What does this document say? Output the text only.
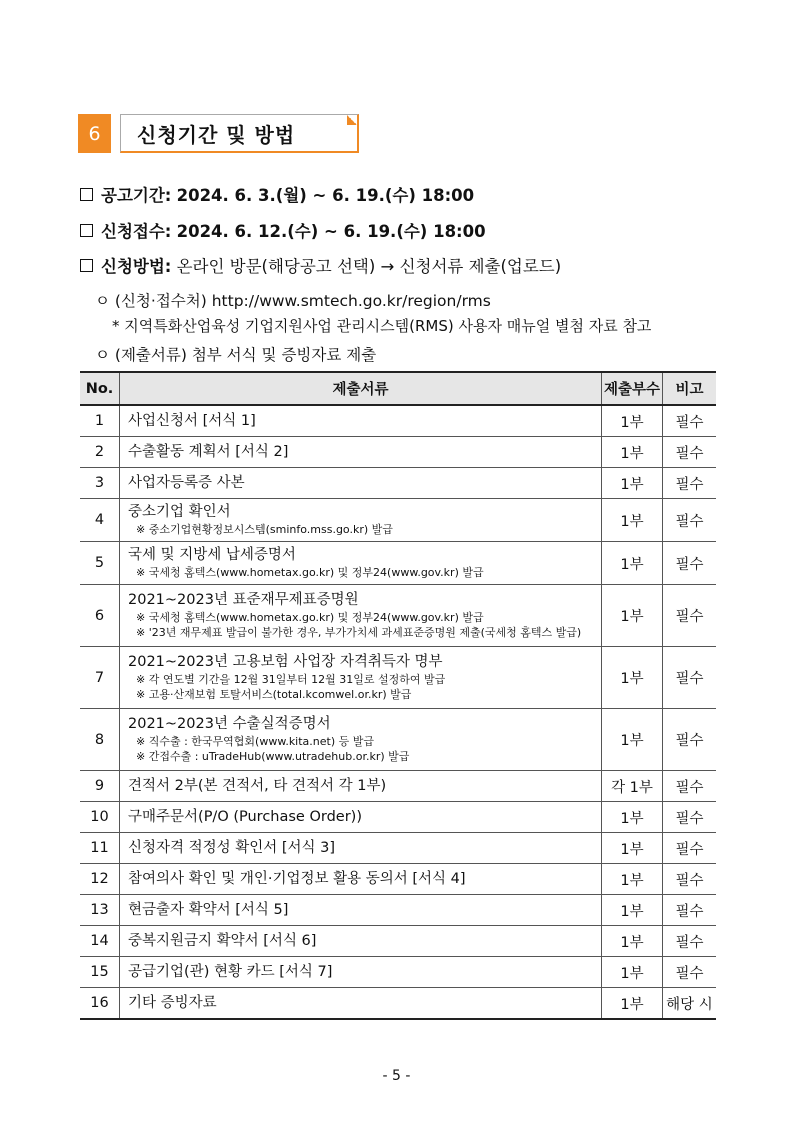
6	신청기간 및 방법
공고기간: 2024. 6. 3.(월) ~ 6. 19.(수) 18:00
신청접수: 2024. 6. 12.(수) ~ 6. 19.(수) 18:00
신청방법: 온라인 방문(해당공고 선택) → 신청서류 제출(업로드)
ㅇ (신청·접수처) http://www.smtech.go.kr/region/rms
* 지역특화산업육성 기업지원사업 관리시스템(RMS) 사용자 매뉴얼 별첨 자료 참고
ㅇ (제출서류) 첨부 서식 및 증빙자료 제출
No.	제출서류	제출부수	비고
1	사업신청서 [서식 1]	1부	필수
2	수출활동 계획서 [서식 2]	1부	필수
3	사업자등록증 사본	1부	필수
4	중소기업 확인서
※ 중소기업현황정보시스템(sminfo.mss.go.kr) 발급	1부	필수
5	국세 및 지방세 납세증명서
※ 국세청 홈텍스(www.hometax.go.kr) 및 정부24(www.gov.kr) 발급	1부	필수
6	2021~2023년 표준재무제표증명원
※ 국세청 홈텍스(www.hometax.go.kr) 및 정부24(www.gov.kr) 발급
※ '23년 재무제표 발급이 불가한 경우, 부가가치세 과세표준증명원 제출(국세청 홈텍스 발급)	1부	필수
7	2021~2023년 고용보험 사업장 자격취득자 명부
※ 각 연도별 기간을 12월 31일부터 12월 31일로 설정하여 발급
※ 고용·산재보험 토탈서비스(total.kcomwel.or.kr) 발급	1부	필수
8	2021~2023년 수출실적증명서
※ 직수출 : 한국무역협회(www.kita.net) 등 발급
※ 간접수출 : uTradeHub(www.utradehub.or.kr) 발급	1부	필수
9	견적서 2부(본 견적서, 타 견적서 각 1부)	각 1부	필수
10	구매주문서(P/O (Purchase Order))	1부	필수
11	신청자격 적정성 확인서 [서식 3]	1부	필수
12	참여의사 확인 및 개인·기업정보 활용 동의서 [서식 4]	1부	필수
13	현금출자 확약서 [서식 5]	1부	필수
14	중복지원금지 확약서 [서식 6]	1부	필수
15	공급기업(관) 현황 카드 [서식 7]	1부	필수
16	기타 증빙자료	1부	해당 시
- 5 -
